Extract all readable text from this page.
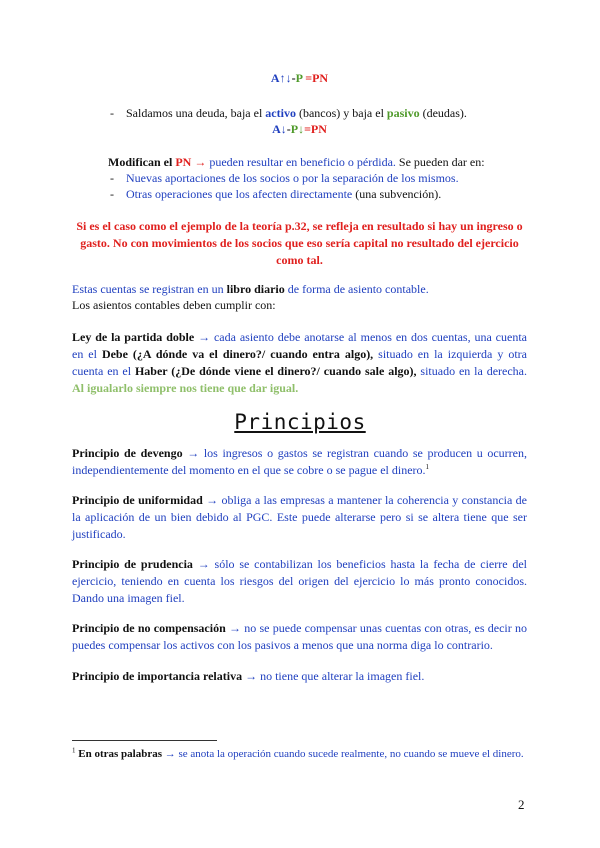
A↑↓-P =PN
- Saldamos una deuda, baja el activo (bancos) y baja el pasivo (deudas).
A↓-P↓=PN
Modifican el PN → pueden resultar en beneficio o pérdida. Se pueden dar en:
- Nuevas aportaciones de los socios o por la separación de los mismos.
- Otras operaciones que los afecten directamente (una subvención).
Si es el caso como el ejemplo de la teoría p.32, se refleja en resultado si hay un ingreso o gasto. No con movimientos de los socios que eso sería capital no resultado del ejercicio como tal.
Estas cuentas se registran en un libro diario de forma de asiento contable.
Los asientos contables deben cumplir con:
Ley de la partida doble → cada asiento debe anotarse al menos en dos cuentas, una cuenta en el Debe (¿A dónde va el dinero?/ cuando entra algo), situado en la izquierda y otra cuenta en el Haber (¿De dónde viene el dinero?/ cuando sale algo), situado en la derecha. Al igualarlo siempre nos tiene que dar igual.
Principios
Principio de devengo → los ingresos o gastos se registran cuando se producen u ocurren, independientemente del momento en el que se cobre o se pague el dinero.$^1$
Principio de uniformidad → obliga a las empresas a mantener la coherencia y constancia de la aplicación de un bien debido al PGC. Este puede alterarse pero si se altera tiene que ser justificado.
Principio de prudencia → sólo se contabilizan los beneficios hasta la fecha de cierre del ejercicio, teniendo en cuenta los riesgos del origen del ejercicio lo más pronto conocidos. Dando una imagen fiel.
Principio de no compensación → no se puede compensar unas cuentas con otras, es decir no puedes compensar los activos con los pasivos a menos que una norma diga lo contrario.
Principio de importancia relativa → no tiene que alterar la imagen fiel.
$^1$ En otras palabras → se anota la operación cuando sucede realmente, no cuando se mueve el dinero.
2
